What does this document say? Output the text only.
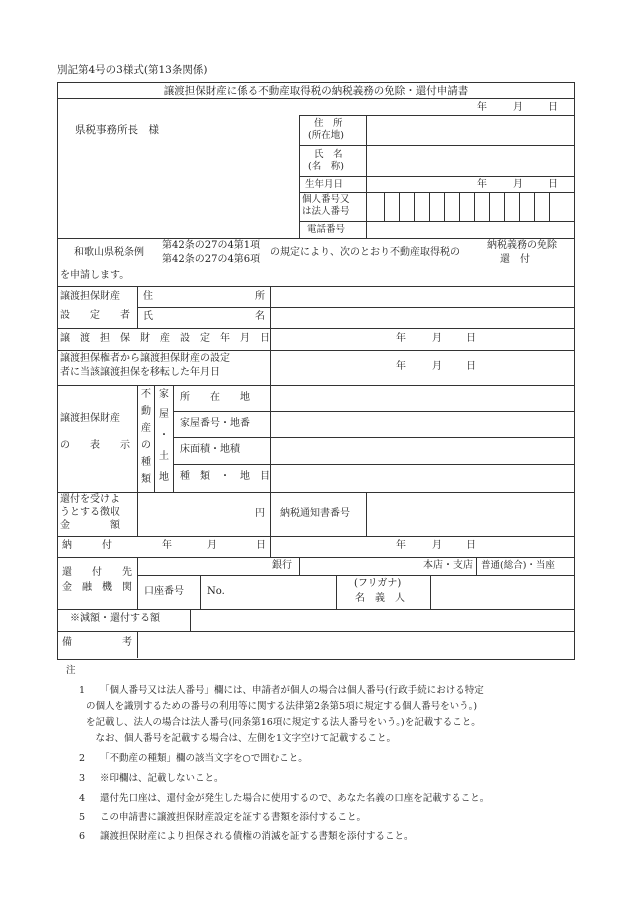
別記第4号の3様式(第13条関係)
譲渡担保財産に係る不動産取得税の納税義務の免除・還付申請書
年	月	日
県税事務所長　様
住　所
(所在地)
氏　名
(名　称)
生年月日	年	月	日
個人番号又
は法人番号
電話番号
和歌山県税条例
第42条の27の4第1項
第42条の27の4第6項
の規定により、次のとおり不動産取得税の
納税義務の免除
還　付
を申請します。
譲渡担保財産
設　　定　　者
住	所
氏	名
譲　渡　担　保　財　産　設　定　年　月　日	年	月 日
譲渡担保権者から譲渡担保財産の設定
者に当該譲渡担保を移転した年月日
年	月 日
譲渡担保財産
の　　表　　示
不
動
産
の
種
類
家
屋
・
土
地
所　　在　　地
家屋番号・地番
床面積・地積
種　類　・　地　目
還付を受けよ
うとする徴収
金　　　　額
円 納税通知書番号
納　　　付	年	月	日	年	月 日
還　　付　　先
金　融　機　関
銀行	本店・支店 普通(総合)・当座
口座番号 No.
(フリガナ)
名　義　人
※減額・還付する額
備　　　　　考
注
1 「個人番号又は法人番号」欄には、申請者が個人の場合は個人番号(行政手続における特定
の個人を識別するための番号の利用等に関する法律第2条第5項に規定する個人番号をいう。)
を記載し、法人の場合は法人番号(同条第16項に規定する法人番号をいう。)を記載すること。
　なお、個人番号を記載する場合は、左側を1文字空けて記載すること。
2 「不動産の種類」欄の該当文字を○で囲むこと。
3 ※印欄は、記載しないこと。
4 還付先口座は、還付金が発生した場合に使用するので、あなた名義の口座を記載すること。
5 この申請書に譲渡担保財産設定を証する書類を添付すること。
6 譲渡担保財産により担保される債権の消滅を証する書類を添付すること。
